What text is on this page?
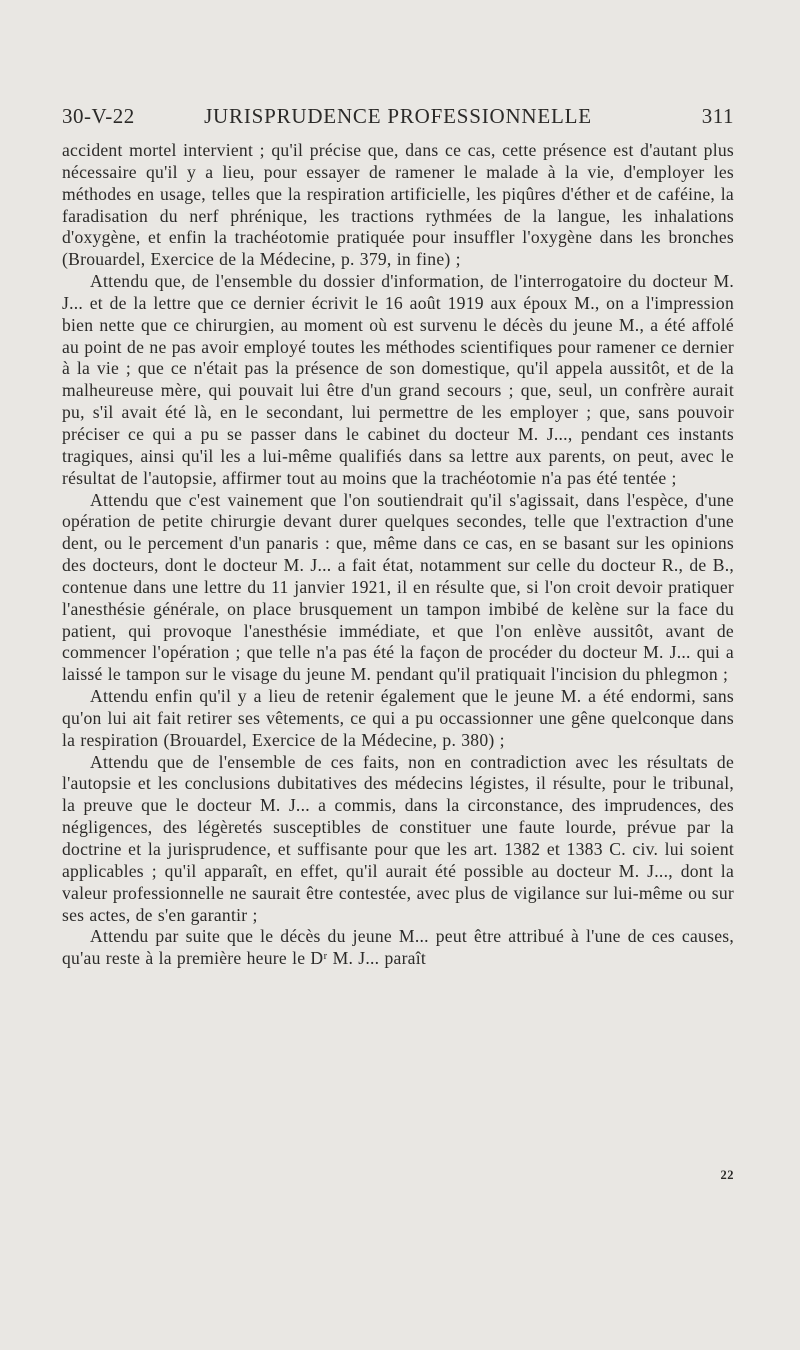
30-V-22	JURISPRUDENCE PROFESSIONNELLE	311

accident mortel intervient ; qu'il précise que, dans ce cas, cette présence est d'autant plus nécessaire qu'il y a lieu, pour essayer de ramener le malade à la vie, d'employer les méthodes en usage, telles que la respiration artificielle, les piqûres d'éther et de caféine, la faradisation du nerf phrénique, les tractions rythmées de la langue, les inhalations d'oxygène, et enfin la trachéotomie pratiquée pour insuffler l'oxygène dans les bronches (Brouardel, Exercice de la Médecine, p. 379, in fine) ;

Attendu que, de l'ensemble du dossier d'information, de l'interrogatoire du docteur M. J... et de la lettre que ce dernier écrivit le 16 août 1919 aux époux M., on a l'impression bien nette que ce chirurgien, au moment où est survenu le décès du jeune M., a été affolé au point de ne pas avoir employé toutes les méthodes scientifiques pour ramener ce dernier à la vie ; que ce n'était pas la présence de son domestique, qu'il appela aussitôt, et de la malheureuse mère, qui pouvait lui être d'un grand secours ; que, seul, un confrère aurait pu, s'il avait été là, en le secondant, lui permettre de les employer ; que, sans pouvoir préciser ce qui a pu se passer dans le cabinet du docteur M. J..., pendant ces instants tragiques, ainsi qu'il les a lui-même qualifiés dans sa lettre aux parents, on peut, avec le résultat de l'autopsie, affirmer tout au moins que la trachéotomie n'a pas été tentée ;

Attendu que c'est vainement que l'on soutiendrait qu'il s'agissait, dans l'espèce, d'une opération de petite chirurgie devant durer quelques secondes, telle que l'extraction d'une dent, ou le percement d'un panaris : que, même dans ce cas, en se basant sur les opinions des docteurs, dont le docteur M. J... a fait état, notamment sur celle du docteur R., de B., contenue dans une lettre du 11 janvier 1921, il en résulte que, si l'on croit devoir pratiquer l'anesthésie générale, on place brusquement un tampon imbibé de kelène sur la face du patient, qui provoque l'anesthésie immédiate, et que l'on enlève aussitôt, avant de commencer l'opération ; que telle n'a pas été la façon de procéder du docteur M. J... qui a laissé le tampon sur le visage du jeune M. pendant qu'il pratiquait l'incision du phlegmon ;

Attendu enfin qu'il y a lieu de retenir également que le jeune M. a été endormi, sans qu'on lui ait fait retirer ses vêtements, ce qui a pu occassionner une gêne quelconque dans la respiration (Brouardel, Exercice de la Médecine, p. 380) ;

Attendu que de l'ensemble de ces faits, non en contradiction avec les résultats de l'autopsie et les conclusions dubitatives des médecins légistes, il résulte, pour le tribunal, la preuve que le docteur M. J... a commis, dans la circonstance, des imprudences, des négligences, des légèretés susceptibles de constituer une faute lourde, prévue par la doctrine et la jurisprudence, et suffisante pour que les art. 1382 et 1383 C. civ. lui soient applicables ; qu'il apparaît, en effet, qu'il aurait été possible au docteur M. J..., dont la valeur professionnelle ne saurait être contestée, avec plus de vigilance sur lui-même ou sur ses actes, de s'en garantir ;

Attendu par suite que le décès du jeune M... peut être attribué à l'une de ces causes, qu'au reste à la première heure le Dʳ M. J... paraît

22
